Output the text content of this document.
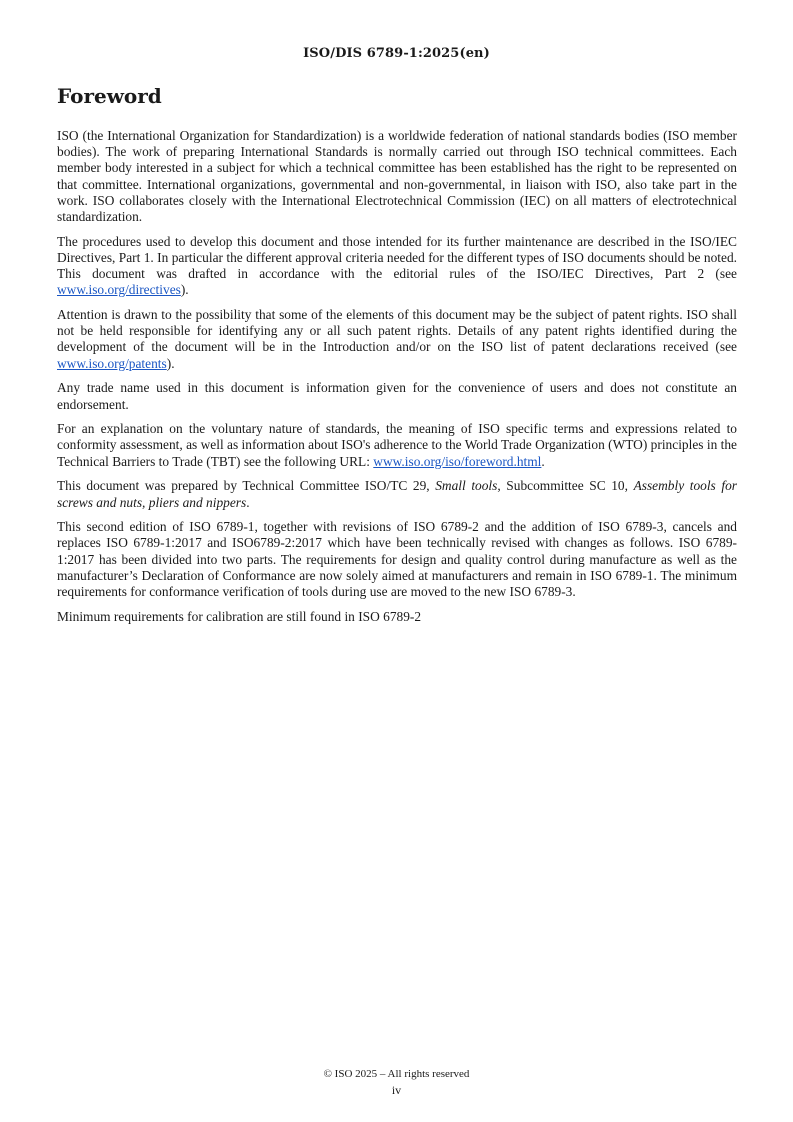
ISO/DIS 6789-1:2025(en)
Foreword

ISO (the International Organization for Standardization) is a worldwide federation of national standards bodies (ISO member bodies). The work of preparing International Standards is normally carried out through ISO technical committees. Each member body interested in a subject for which a technical committee has been established has the right to be represented on that committee. International organizations, governmental and non-governmental, in liaison with ISO, also take part in the work. ISO collaborates closely with the International Electrotechnical Commission (IEC) on all matters of electrotechnical standardization.

The procedures used to develop this document and those intended for its further maintenance are described in the ISO/IEC Directives, Part 1. In particular the different approval criteria needed for the different types of ISO documents should be noted. This document was drafted in accordance with the editorial rules of the ISO/IEC Directives, Part 2 (see www.iso.org/directives).

Attention is drawn to the possibility that some of the elements of this document may be the subject of patent rights. ISO shall not be held responsible for identifying any or all such patent rights. Details of any patent rights identified during the development of the document will be in the Introduction and/or on the ISO list of patent declarations received (see www.iso.org/patents).

Any trade name used in this document is information given for the convenience of users and does not constitute an endorsement.

For an explanation on the voluntary nature of standards, the meaning of ISO specific terms and expressions related to conformity assessment, as well as information about ISO's adherence to the World Trade Organization (WTO) principles in the Technical Barriers to Trade (TBT) see the following URL: www.iso.org/iso/foreword.html.

This document was prepared by Technical Committee ISO/TC 29, Small tools, Subcommittee SC 10, Assembly tools for screws and nuts, pliers and nippers.

This second edition of ISO 6789-1, together with revisions of ISO 6789-2 and the addition of ISO 6789-3, cancels and replaces ISO 6789-1:2017 and ISO6789-2:2017 which have been technically revised with changes as follows. ISO 6789-1:2017 has been divided into two parts. The requirements for design and quality control during manufacture as well as the manufacturer’s Declaration of Conformance are now solely aimed at manufacturers and remain in ISO 6789-1. The minimum requirements for conformance verification of tools during use are moved to the new ISO 6789-3.

Minimum requirements for calibration are still found in ISO 6789-2

© ISO 2025 – All rights reserved
iv
